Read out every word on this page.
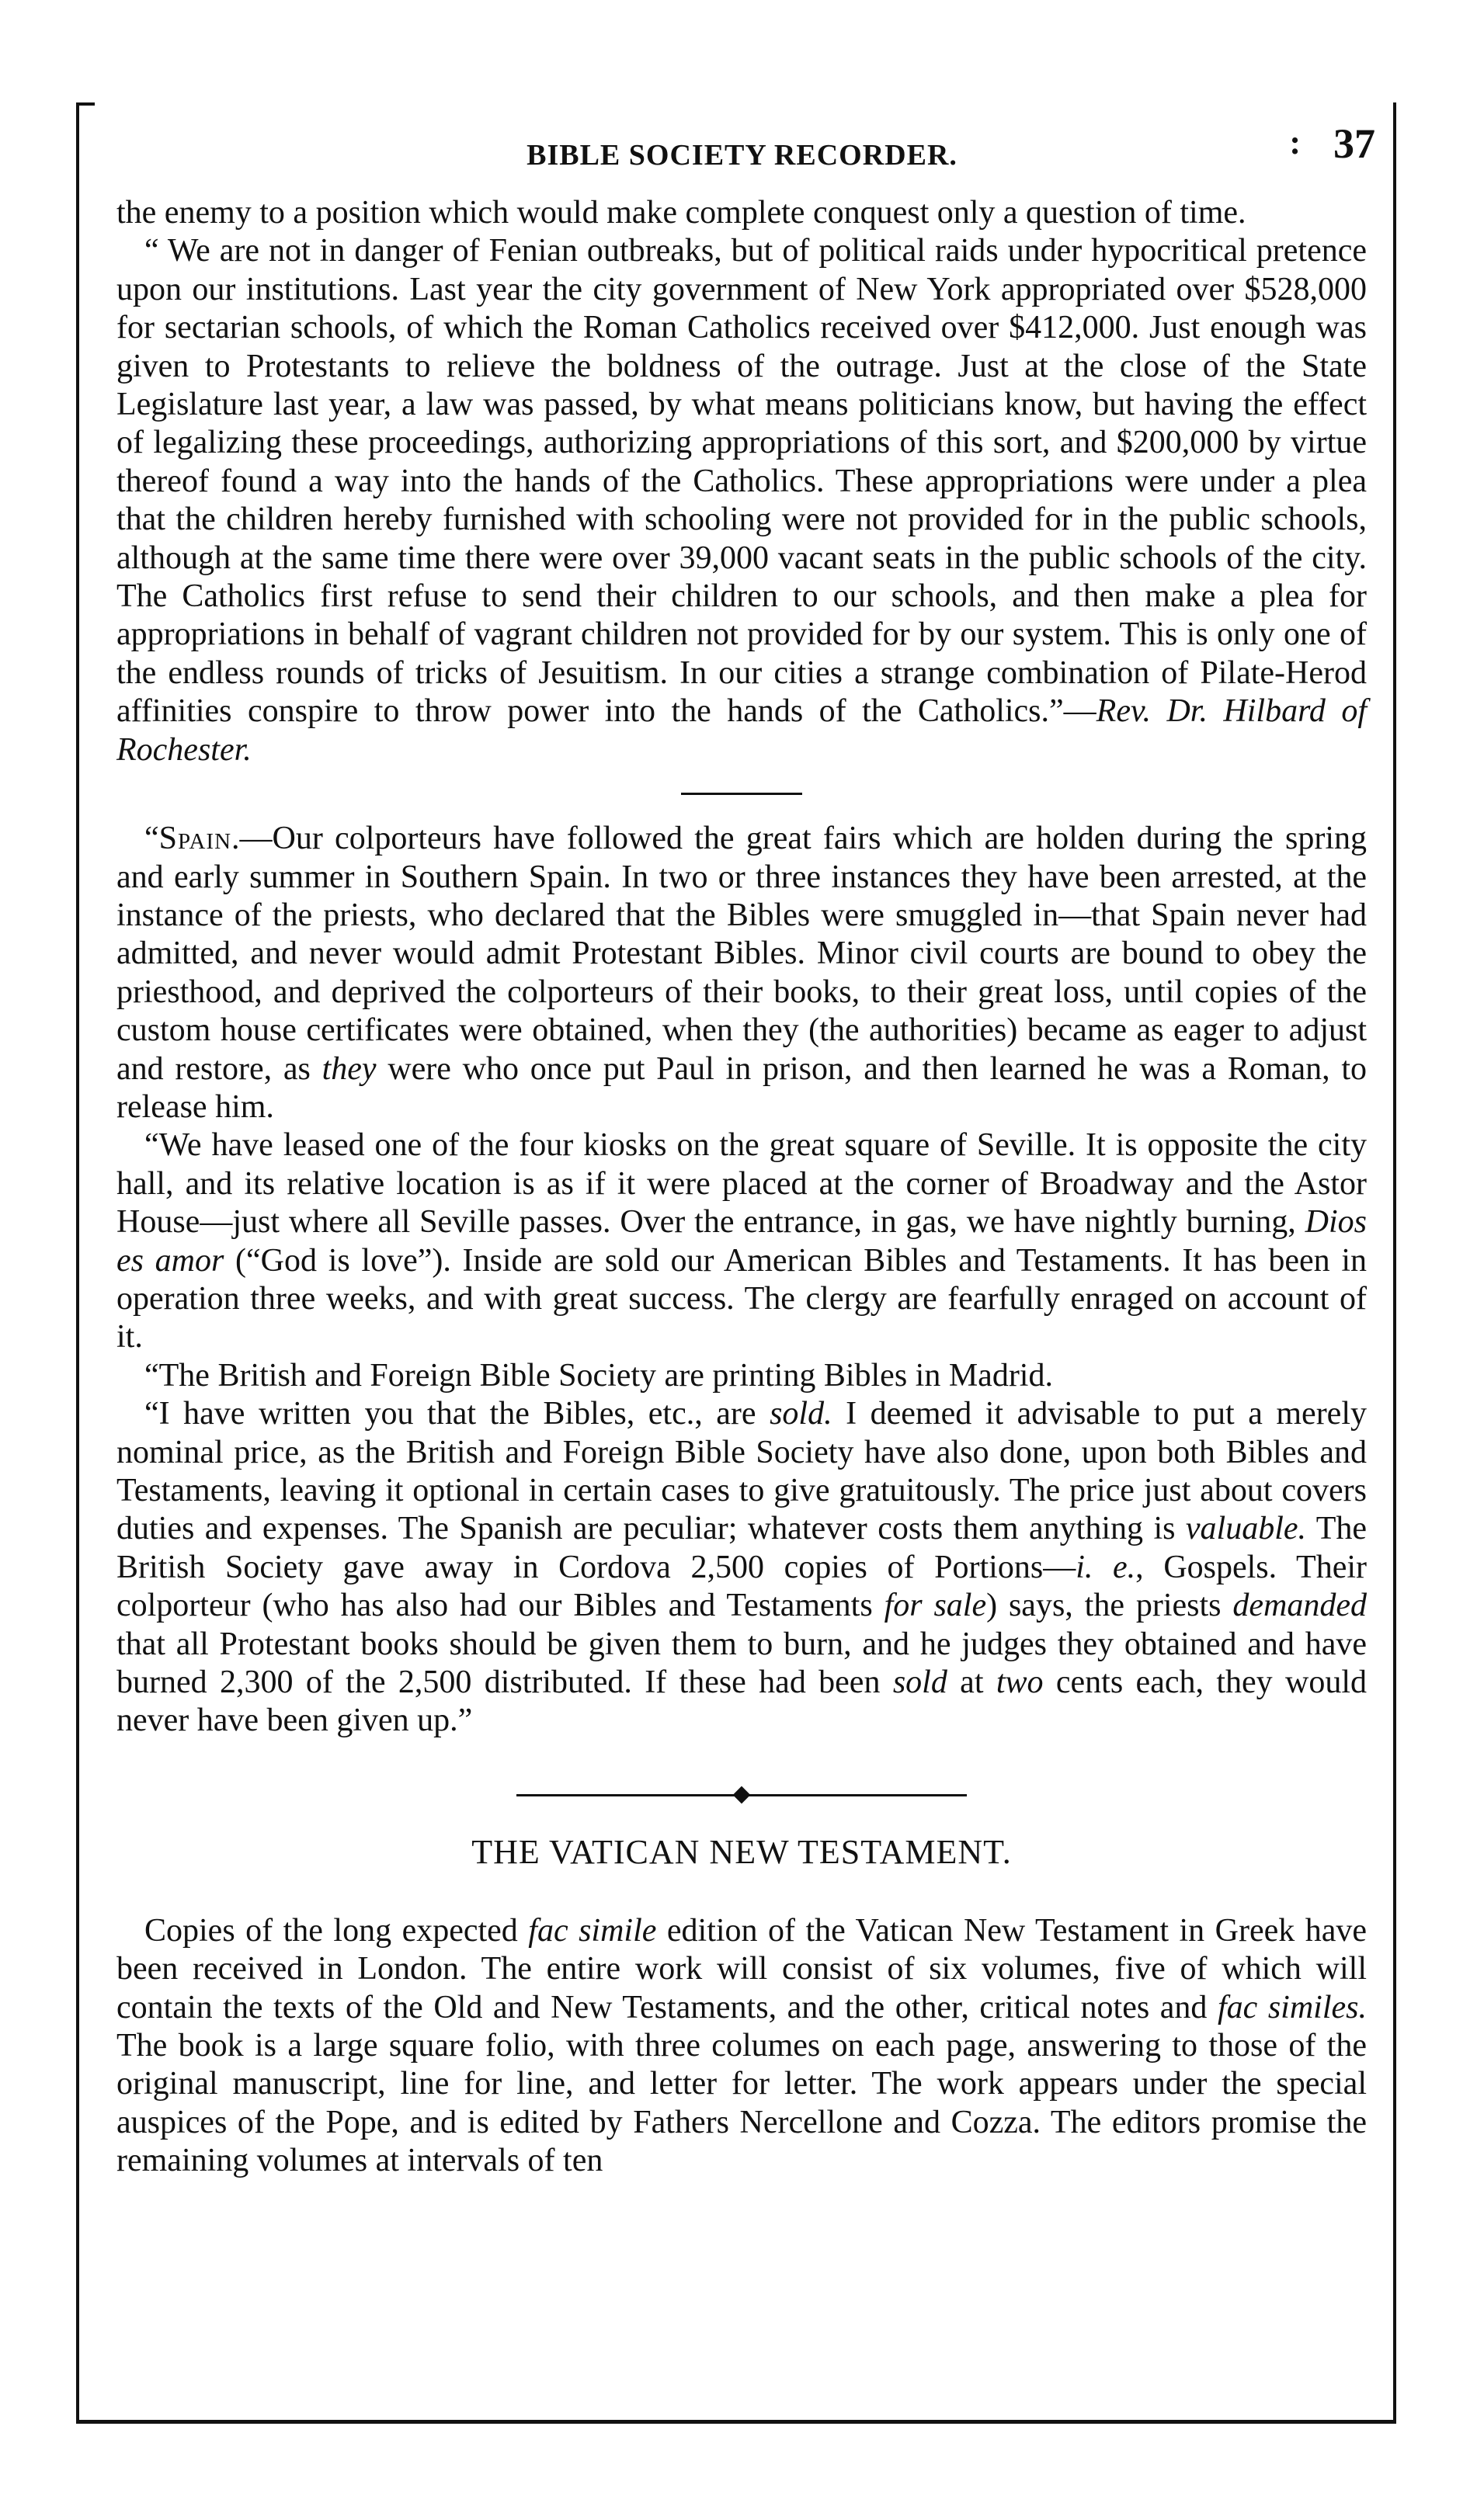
BIBLE SOCIETY RECORDER.	: 37

the enemy to a position which would make complete conquest only a question of time.

“ We are not in danger of Fenian outbreaks, but of political raids under hypocritical pretence upon our institutions. Last year the city government of New York appropriated over $528,000 for sectarian schools, of which the Roman Catholics received over $412,000. Just enough was given to Protestants to relieve the boldness of the outrage. Just at the close of the State Legislature last year, a law was passed, by what means politicians know, but having the effect of legalizing these proceedings, authorizing appropriations of this sort, and $200,000 by virtue thereof found a way into the hands of the Catholics. These appropriations were under a plea that the children hereby furnished with schooling were not provided for in the public schools, although at the same time there were over 39,000 vacant seats in the public schools of the city. The Catholics first refuse to send their children to our schools, and then make a plea for appropriations in behalf of vagrant children not provided for by our system. This is only one of the endless rounds of tricks of Jesuitism. In our cities a strange combination of Pilate-Herod affinities conspire to throw power into the hands of the Catholics.”—Rev. Dr. Hilbard of Rochester.

“Spain.—Our colporteurs have followed the great fairs which are holden during the spring and early summer in Southern Spain. In two or three instances they have been arrested, at the instance of the priests, who declared that the Bibles were smuggled in—that Spain never had admitted, and never would admit Protestant Bibles. Minor civil courts are bound to obey the priesthood, and deprived the colporteurs of their books, to their great loss, until copies of the custom house certificates were obtained, when they (the authorities) became as eager to adjust and restore, as they were who once put Paul in prison, and then learned he was a Roman, to release him.

“We have leased one of the four kiosks on the great square of Seville. It is opposite the city hall, and its relative location is as if it were placed at the corner of Broadway and the Astor House—just where all Seville passes. Over the entrance, in gas, we have nightly burning, Dios es amor (“God is love”). Inside are sold our American Bibles and Testaments. It has been in operation three weeks, and with great success. The clergy are fearfully enraged on account of it.

“The British and Foreign Bible Society are printing Bibles in Madrid.

“I have written you that the Bibles, etc., are sold. I deemed it advisable to put a merely nominal price, as the British and Foreign Bible Society have also done, upon both Bibles and Testaments, leaving it optional in certain cases to give gratuitously. The price just about covers duties and expenses. The Spanish are peculiar; whatever costs them anything is valuable. The British Society gave away in Cordova 2,500 copies of Portions—i. e., Gospels. Their colporteur (who has also had our Bibles and Testaments for sale) says, the priests demanded that all Protestant books should be given them to burn, and he judges they obtained and have burned 2,300 of the 2,500 distributed. If these had been sold at two cents each, they would never have been given up.”

THE VATICAN NEW TESTAMENT.

Copies of the long expected fac simile edition of the Vatican New Testament in Greek have been received in London. The entire work will consist of six volumes, five of which will contain the texts of the Old and New Testaments, and the other, critical notes and fac similes. The book is a large square folio, with three columes on each page, answering to those of the original manuscript, line for line, and letter for letter. The work appears under the special auspices of the Pope, and is edited by Fathers Nercellone and Cozza. The editors promise the remaining volumes at intervals of ten
